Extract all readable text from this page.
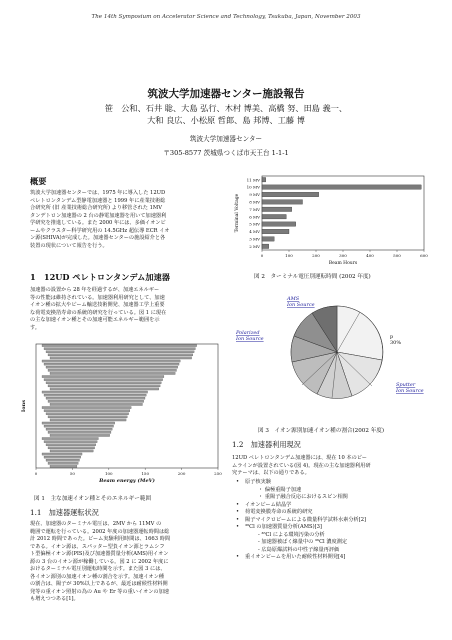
The 14th Symposium on Accelerator Science and Technology, Tsukuba, Japan, November 2003
筑波大学加速器センター施設報告
笹　公和、石井 聡、大島 弘行、木村 博美、高橋 努、田島 義一、
大和 良広、小松原 哲郎、島 邦博、工藤 博
筑波大学加速器センター
〒305-8577 茨城県つくば市天王台 1-1-1
概要
筑波大学加速器センターでは、1975 年に導入した 12UD
ペレトロンタンデム型静電加速器と 1999 年に産業技術総
合研究所 (旧 産業技術総合研究所) より移管された 1MV
タンデトロン加速器の 2 台の静電加速器を用いて加速器利
学研究を推進している。また 2000 年には、多価イオンビ
ームやクラスター科学研究用の 14.5GHz 超伝導 ECR イオ
ン源(SHIVA)が完成した。加速器センターの施設紹介と各
装置の現状について報告を行う。
1　12UD ペレトロンタンデム加速器
加速器の設置から 28 年を経過するが、加速エネルギー
等の性能は維持されている。加速器利用研究として、加速
イオン種の拡大やビーム輸送技術開発、加速器工学上重要
な荷電変換箔寿命の系統的研究を行っている。図 1 に現在
の主な加速イオン種とその加速可能エネルギー範囲を示
す。
0	50	100	150	200	250
Beam energy (MeV)
Ions
図 1　主な加速イオン種とそのエネルギー範囲
1.1　加速器運転状況
現在、加速器のターミナル電圧は、2MV から 11MV の
範囲で運転を行っている。2002 年度の加速器運転時間は総
計 2012 時間であった。ビーム実験利用時間は、1663 時間
である。イオン源は、スパッター型負イオン源とラムシフ
ト型偏極イオン源(PIS)及び加速器質量分析(AMS)用イオン
源の 3 台のイオン源が稼働している。図 2 に 2002 年度に
おけるターミナル電圧別運転時間を示す。また図 3 には、
各イオン源別の加速イオン種の割合を示す。加速イオン種
の割合は、陽子が 30%以上であるが、最近は耐候性材料開
発等の重イオン照射の為の Au や Er 等の重いイオンの加速
も増えつつある[1]。
11 MV
10 MV
9 MV
8 MV
7 MV
6 MV
5 MV
4 MV
3 MV
2 MV
0	100	200	300	400	500	600
Beam Hours
Terminal Voltage
図 2　ターミナル電圧別運転時間 (2002 年度)
AMS Ion Source
Polarized Ion Source
Sputter Ion Source
p
30%
図 3　イオン源別加速イオン種の割合(2002 年度)
1.2　加速器利用現況
12UD ペレトロンタンデム加速器には、現在 10 本のビー
ムラインが設置されている(図 4)。現在の主な加速器利用研
究テーマは、以下の通りである。
• 原子核実験
・ 偏極重陽子加速
・ 重陽子融合反応におけるスピン相関
• イオンビーム結晶学
• 荷電変換膜寿命の系統的研究
• 陽子マイクロビームによる微量科学試料水素分析[2]
• ³⁶Cl の加速器質量分析(AMS)[3]
- ³⁶Cl による環境汚染の分析
- 加速器被ばく線量中の ³⁶Cl 濃度測定
- 広島原爆試料の中性子線量再評価
• 重イオンビームを用いた耐候性材料開発[4]
